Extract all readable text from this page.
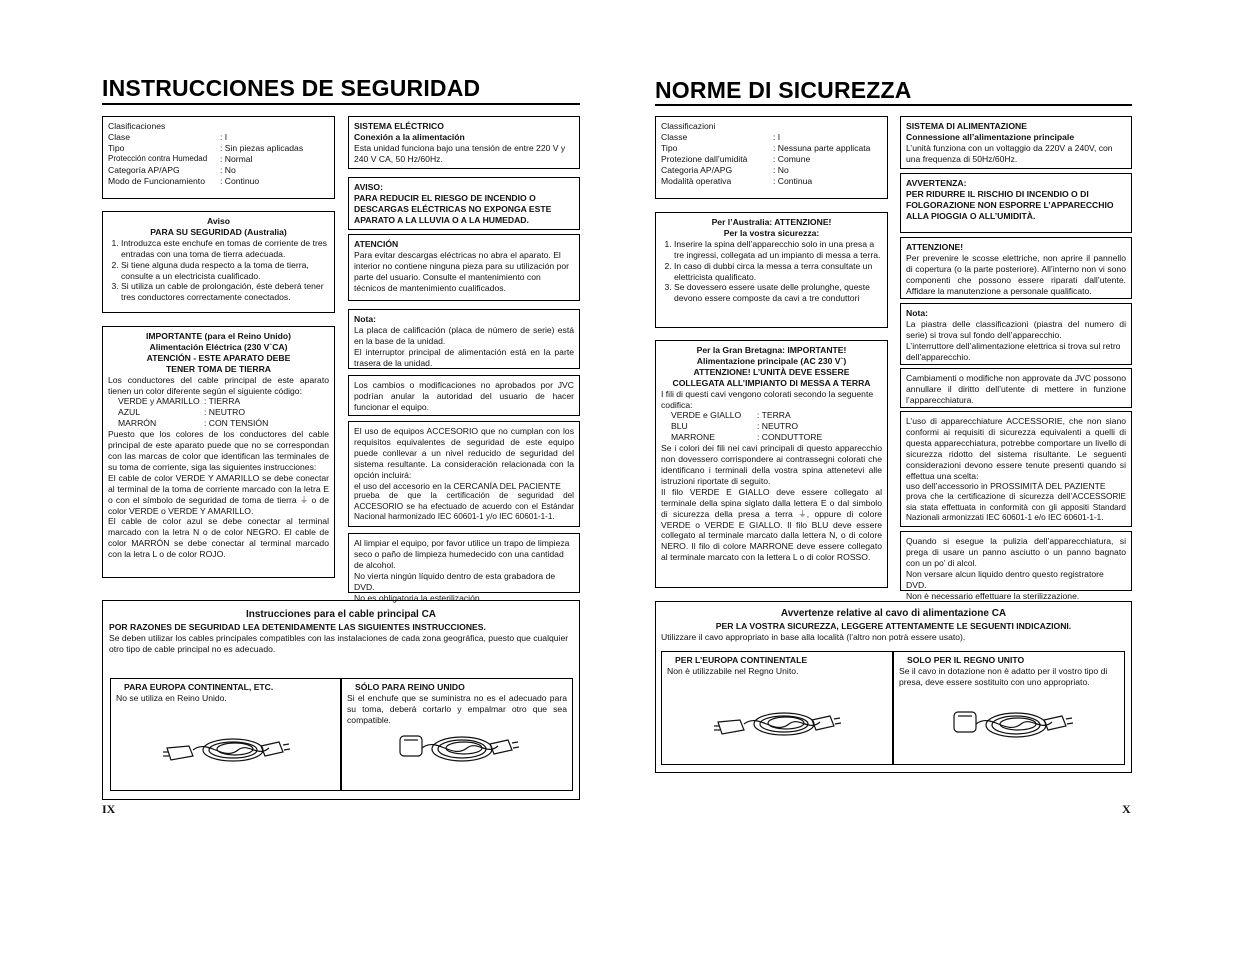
INSTRUCCIONES DE SEGURIDAD
Clasificaciones
Clase	: I
Tipo	: Sin piezas aplicadas
Protección contra Humedad	: Normal
Categoría AP/APG	: No
Modo de Funcionamiento	: Continuo
Aviso
PARA SU SEGURIDAD (Australia)
1. Introduzca este enchufe en tomas de corriente de tres entradas con una toma de tierra adecuada.
2. Si tiene alguna duda respecto a la toma de tierra, consulte a un electricista cualificado.
3. Si utiliza un cable de prolongación, éste deberá tener tres conductores correctamente conectados.
IMPORTANTE (para el Reino Unido)
Alimentación Eléctrica (230 V`CA)
ATENCIÓN - ESTE APARATO DEBE
TENER TOMA DE TIERRA
Los conductores del cable principal de este aparato tienen un color diferente según el siguiente código:
VERDE y AMARILLO : TIERRA
AZUL	: NEUTRO
MARRÓN	: CON TENSIÓN
Puesto que los colores de los conductores del cable principal de este aparato puede que no se correspondan con las marcas de color que identifican las terminales de su toma de corriente, siga las siguientes instrucciones:
El cable de color VERDE Y AMARILLO se debe conectar al terminal de la toma de corriente marcado con la letra E o con el símbolo de seguridad de toma de tierra ⏚ o de color VERDE o VERDE Y AMARILLO.
El cable de color azul se debe conectar al terminal marcado con la letra N o de color NEGRO. El cable de color MARRÓN se debe conectar al terminal marcado con la letra L o de color ROJO.
SISTEMA ELÉCTRICO
Conexión a la alimentación
Esta unidad funciona bajo una tensión de entre 220 V y 240 V CA, 50 Hz/60Hz.
AVISO:
PARA REDUCIR EL RIESGO DE INCENDIO O DESCARGAS ELÉCTRICAS NO EXPONGA ESTE APARATO A LA LLUVIA O A LA HUMEDAD.
ATENCIÓN
Para evitar descargas eléctricas no abra el aparato. El interior no contiene ninguna pieza para su utilización por parte del usuario. Consulte el mantenimiento con técnicos de mantenimiento cualificados.
Nota:
La placa de calificación (placa de número de serie) está en la base de la unidad.
El interruptor principal de alimentación está en la parte trasera de la unidad.
Los cambios o modificaciones no aprobados por JVC podrían anular la autoridad del usuario de hacer funcionar el equipo.
El uso de equipos ACCESORIO que no cumplan con los requisitos equivalentes de seguridad de este equipo puede conllevar a un nivel reducido de seguridad del sistema resultante. La consideración relacionada con la opción incluirá:
el uso del accesorio en la CERCANÍA DEL PACIENTE
prueba de que la certificación de seguridad del ACCESORIO se ha efectuado de acuerdo con el Estándar Nacional harmonizado IEC 60601-1 y/o IEC 60601-1-1.
Al limpiar el equipo, por favor utilice un trapo de limpieza seco o paño de limpieza humedecido con una cantidad de alcohol.
No vierta ningún líquido dentro de esta grabadora de DVD.
No es obligatoria la esterilización.
Instrucciones para el cable principal CA
POR RAZONES DE SEGURIDAD LEA DETENIDAMENTE LAS SIGUIENTES INSTRUCCIONES.
Se deben utilizar los cables principales compatibles con las instalaciones de cada zona geográfica, puesto que cualquier otro tipo de cable principal no es adecuado.
PARA EUROPA CONTINENTAL, ETC.
No se utiliza en Reino Unido.
SÓLO PARA REINO UNIDO
Si el enchufe que se suministra no es el adecuado para su toma, deberá cortarlo y empalmar otro que sea compatible.
IX
NORME DI SICUREZZA
Classificazioni
Classe	: I
Tipo	: Nessuna parte applicata
Protezione dall’umidità	: Comune
Categoria AP/APG	: No
Modalità operativa	: Continua
Per l’Australia: ATTENZIONE!
Per la vostra sicurezza:
1. Inserire la spina dell’apparecchio solo in una presa a tre ingressi, collegata ad un impianto di messa a terra.
2. In caso di dubbi circa la messa a terra consultate un elettricista qualificato.
3. Se dovessero essere usate delle prolunghe, queste devono essere composte da cavi a tre conduttori
Per la Gran Bretagna: IMPORTANTE!
Alimentazione principale (AC 230 V`)
ATTENZIONE! L’UNITÀ DEVE ESSERE
COLLEGATA ALL’IMPIANTO DI MESSA A TERRA
I fili di questi cavi vengono colorati secondo la seguente codifica:
VERDE e GIALLO	: TERRA
BLU	: NEUTRO
MARRONE	: CONDUTTORE
Se i colori dei fili nei cavi principali di questo apparecchio non dovessero corrispondere ai contrassegni colorati che identificano i terminali della vostra spina attenetevi alle istruzioni riportate di seguito.
Il filo VERDE E GIALLO deve essere collegato al terminale della spina siglato dalla lettera E o dal simbolo di sicurezza della presa a terra ⏚, oppure di colore VERDE o VERDE E GIALLO. Il filo BLU deve essere collegato al terminale marcato dalla lettera N, o di colore NERO. Il filo di colore MARRONE deve essere collegato al terminale marcato con la lettera L o di color ROSSO.
SISTEMA DI ALIMENTAZIONE
Connessione all’alimentazione principale
L’unità funziona con un voltaggio da 220V a 240V, con una frequenza di 50Hz/60Hz.
AVVERTENZA:
PER RIDURRE IL RISCHIO DI INCENDIO O DI FOLGORAZIONE NON ESPORRE L’APPARECCHIO ALLA PIOGGIA O ALL’UMIDITÀ.
ATTENZIONE!
Per prevenire le scosse elettriche, non aprire il pannello di copertura (o la parte posteriore). All’interno non vi sono componenti che possono essere riparati dall’utente. Affidare la manutenzione a personale qualificato.
Nota:
La piastra delle classificazioni (piastra del numero di serie) si trova sul fondo dell’apparecchio.
L’interruttore dell’alimentazione elettrica si trova sul retro dell’apparecchio.
Cambiamenti o modifiche non approvate da JVC possono annullare il diritto dell’utente di mettere in funzione l’apparecchiatura.
L’uso di apparecchiature ACCESSORIE, che non siano conformi ai requisiti di sicurezza equivalenti a quelli di questa apparecchiatura, potrebbe comportare un livello di sicurezza ridotto del sistema risultante. Le seguenti considerazioni devono essere tenute presenti quando si effettua una scelta:
uso dell’accessorio in PROSSIMITÀ DEL PAZIENTE
prova che la certificazione di sicurezza dell’ACCESSORIE sia stata effettuata in conformità con gli appositi Standard Nazionali armonizzati IEC 60601-1 e/o IEC 60601-1-1.
Quando si esegue la pulizia dell’apparecchiatura, si prega di usare un panno asciutto o un panno bagnato con un po’ di alcol.
Non versare alcun liquido dentro questo registratore DVD.
Non è necessario effettuare la sterilizzazione.
Avvertenze relative al cavo di alimentazione CA
PER LA VOSTRA SICUREZZA, LEGGERE ATTENTAMENTE LE SEGUENTI INDICAZIONI.
Utilizzare il cavo appropriato in base alla località (l’altro non potrà essere usato).
PER L’EUROPA CONTINENTALE
Non è utilizzabile nel Regno Unito.
SOLO PER IL REGNO UNITO
Se il cavo in dotazione non è adatto per il vostro tipo di presa, deve essere sostituito con uno appropriato.
X
